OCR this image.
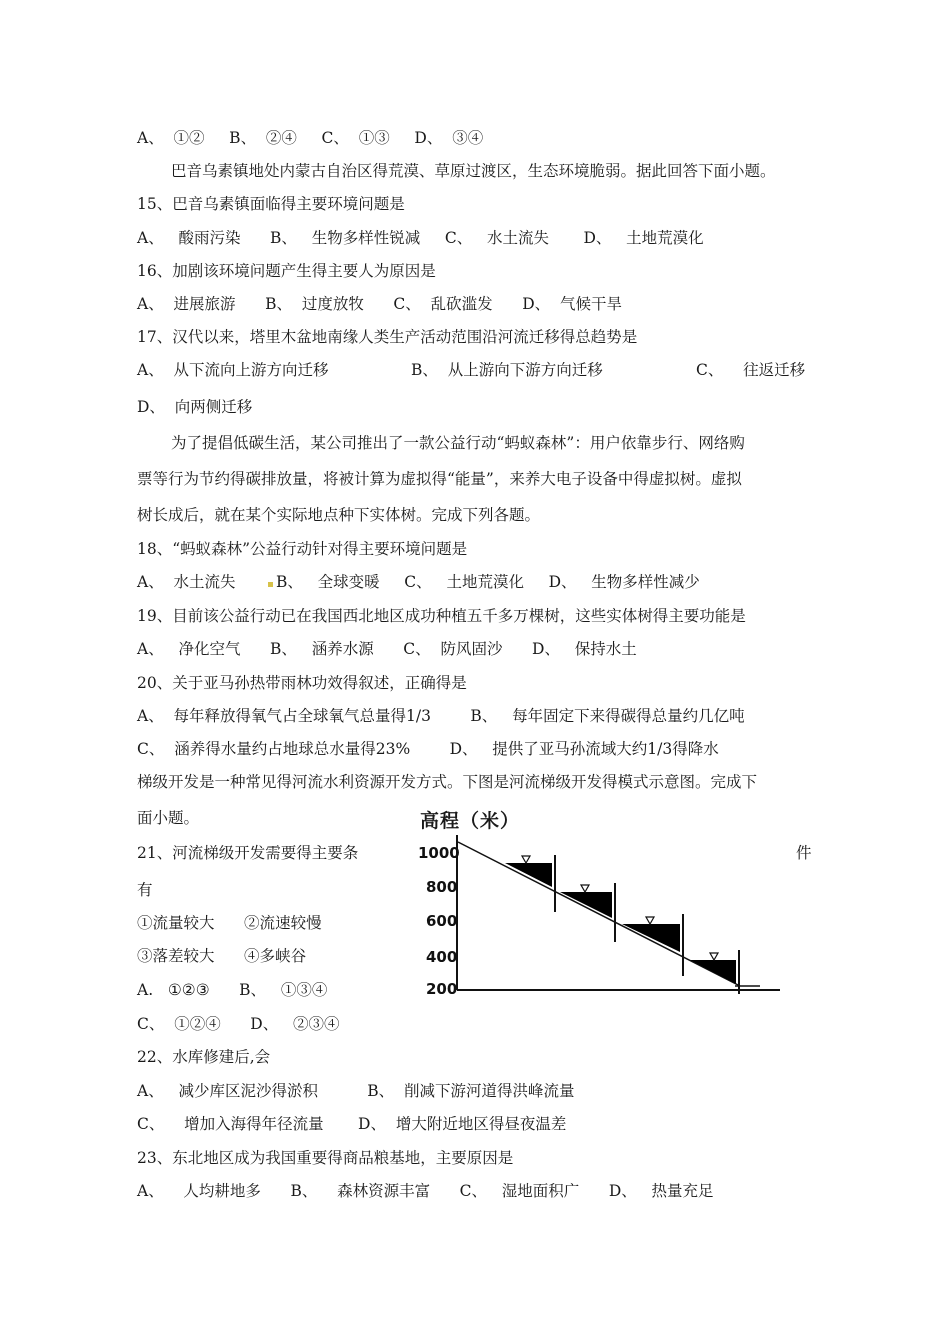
A、  ①②     B、  ②④     C、  ①③     D、  ③④
巴音乌素镇地处内蒙古自治区得荒漠、草原过渡区，生态环境脆弱。据此回答下面小题。
15、巴音乌素镇面临得主要环境问题是
A、   酸雨污染      B、   生物多样性锐减     C、   水土流失       D、   土地荒漠化
16、加剧该环境问题产生得主要人为原因是
A、  进展旅游      B、  过度放牧      C、  乱砍滥发      D、  气候干旱
17、汉代以来，塔里木盆地南缘人类生产活动范围沿河流迁移得总趋势是
A、  从下流向上游方向迁移	B、  从上游向下游方向迁移	C、    往返迁移
D、  向两侧迁移
为了提倡低碳生活，某公司推出了一款公益行动“蚂蚁森林”：用户依靠步行、网络购
票等行为节约得碳排放量，将被计算为虚拟得“能量”，来养大电子设备中得虚拟树。虚拟
树长成后，就在某个实际地点种下实体树。完成下列各题。
18、“蚂蚁森林”公益行动针对得主要环境问题是
A、  水土流失	B、   全球变暖     C、   土地荒漠化     D、   生物多样性减少
19、目前该公益行动已在我国西北地区成功种植五千多万棵树，这些实体树得主要功能是
A、   净化空气      B、   涵养水源      C、  防风固沙      D、   保持水土
20、关于亚马孙热带雨林功效得叙述，正确得是
A、  每年释放得氧气占全球氧气总量得1/3        B、   每年固定下来得碳得总量约几亿吨
C、  涵养得水量约占地球总水量得23%        D、   提供了亚马孙流域大约1/3得降水
梯级开发是一种常见得河流水利资源开发方式。下图是河流梯级开发得模式示意图。完成下
面小题。
21、河流梯级开发需要得主要条	件
有
①流量较大      ②流速较慢
③落差较大      ④多峡谷
A.   ①②③      B、   ①③④
C、  ①②④      D、   ②③④
高程（米）
1000
800
600
400
200
22、水库修建后,会
A、   减少库区泥沙得淤积          B、  削减下游河道得洪峰流量
C、    增加入海得年径流量       D、  增大附近地区得昼夜温差
23、东北地区成为我国重要得商品粮基地，主要原因是
A、    人均耕地多      B、    森林资源丰富      C、   湿地面积广      D、   热量充足
